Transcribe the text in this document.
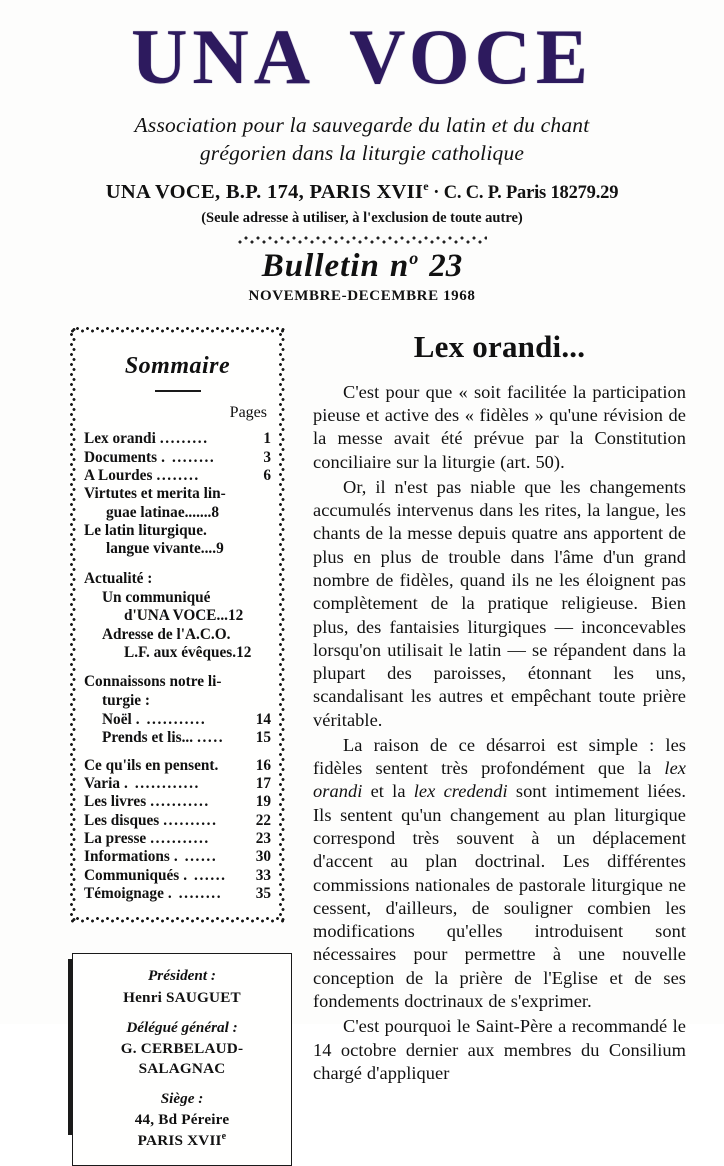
UNA VOCE
Association pour la sauvegarde du latin et du chant
grégorien dans la liturgie catholique
UNA VOCE, B.P. 174, PARIS $XVII^e \cdot C$. C. P. Paris 18279.29
(Seule adresse à utiliser, à l'exclusion de toute autre)
Bulletin $n^o$ 23
NOVEMBRE-DECEMBRE 1968
Sommaire
Pages
Lex orandi .........	1
Documents . ........	3
A Lourdes ........	6
Virtutes et merita lin-
guae latinae ....... 8
Le latin liturgique.
langue vivante .... 9
Actualité :
Un communiqué
d'UNA VOCE ... 12
Adresse de l'A.C.O.
L.F. aux évêques. 12
Connaissons notre li-
turgie :
Noël . ...........	14
Prends et lis... .....	15
Ce qu'ils en pensent.	16
Varia . ............	17
Les livres ...........	19
Les disques ..........	22
La presse ...........	23
Informations . ......	30
Communiqués . ......	33
Témoignage . ........	35
Président :
Henri SAUGUET
Délégué général :
G. CERBELAUD-
SALAGNAC
Siège :
44, Bd Péreire
PARIS XVIIe
Lex orandi...

C'est pour que « soit facilitée la participation pieuse et active des « fidèles » qu'une révision de la messe avait été prévue par la Constitution conciliaire sur la liturgie (art. 50).

Or, il n'est pas niable que les changements accumulés intervenus dans les rites, la langue, les chants de la messe depuis quatre ans apportent de plus en plus de trouble dans l'âme d'un grand nombre de fidèles, quand ils ne les éloignent pas complètement de la pratique religieuse. Bien plus, des fantaisies liturgiques — inconcevables lorsqu'on utilisait le latin — se répandent dans la plupart des paroisses, étonnant les uns, scandalisant les autres et empêchant toute prière véritable.

La raison de ce désarroi est simple : les fidèles sentent très profondément que la lex orandi et la lex credendi sont intimement liées. Ils sentent qu'un changement au plan liturgique correspond très souvent à un déplacement d'accent au plan doctrinal. Les différentes commissions nationales de pastorale liturgique ne cessent, d'ailleurs, de souligner combien les modifications qu'elles introduisent sont nécessaires pour permettre à une nouvelle conception de la prière de l'Eglise et de ses fondements doctrinaux de s'exprimer.

C'est pourquoi le Saint-Père a recommandé le 14 octobre dernier aux membres du Consilium chargé d'appliquer
